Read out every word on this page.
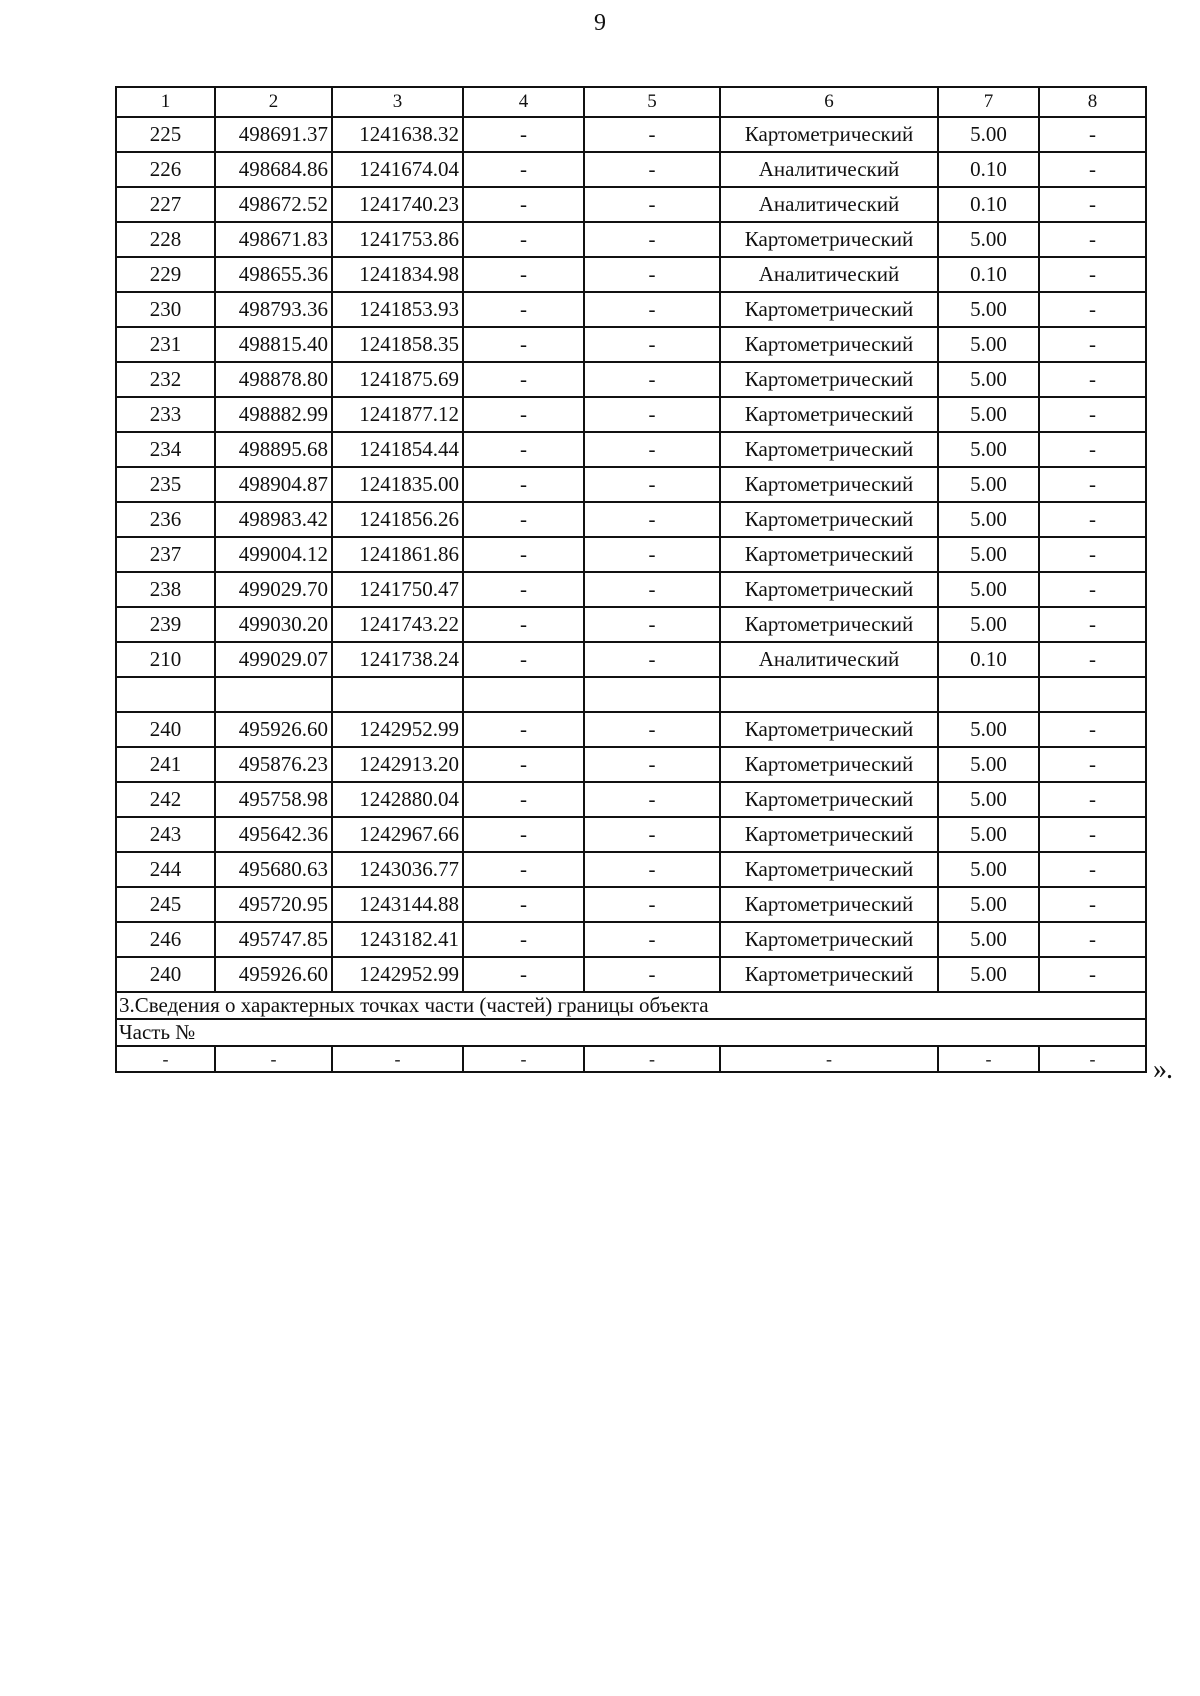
9
1	2	3	4	5	6	7	8
225	498691.37	1241638.32	-	-	Картометрический	5.00	-
226	498684.86	1241674.04	-	-	Аналитический	0.10	-
227	498672.52	1241740.23	-	-	Аналитический	0.10	-
228	498671.83	1241753.86	-	-	Картометрический	5.00	-
229	498655.36	1241834.98	-	-	Аналитический	0.10	-
230	498793.36	1241853.93	-	-	Картометрический	5.00	-
231	498815.40	1241858.35	-	-	Картометрический	5.00	-
232	498878.80	1241875.69	-	-	Картометрический	5.00	-
233	498882.99	1241877.12	-	-	Картометрический	5.00	-
234	498895.68	1241854.44	-	-	Картометрический	5.00	-
235	498904.87	1241835.00	-	-	Картометрический	5.00	-
236	498983.42	1241856.26	-	-	Картометрический	5.00	-
237	499004.12	1241861.86	-	-	Картометрический	5.00	-
238	499029.70	1241750.47	-	-	Картометрический	5.00	-
239	499030.20	1241743.22	-	-	Картометрический	5.00	-
210	499029.07	1241738.24	-	-	Аналитический	0.10	-

240	495926.60	1242952.99	-	-	Картометрический	5.00	-
241	495876.23	1242913.20	-	-	Картометрический	5.00	-
242	495758.98	1242880.04	-	-	Картометрический	5.00	-
243	495642.36	1242967.66	-	-	Картометрический	5.00	-
244	495680.63	1243036.77	-	-	Картометрический	5.00	-
245	495720.95	1243144.88	-	-	Картометрический	5.00	-
246	495747.85	1243182.41	-	-	Картометрический	5.00	-
240	495926.60	1242952.99	-	-	Картометрический	5.00	-
3.Сведения о характерных точках части (частей) границы объекта							
Часть №							
-	-	-	-	-	-	-	- ».
